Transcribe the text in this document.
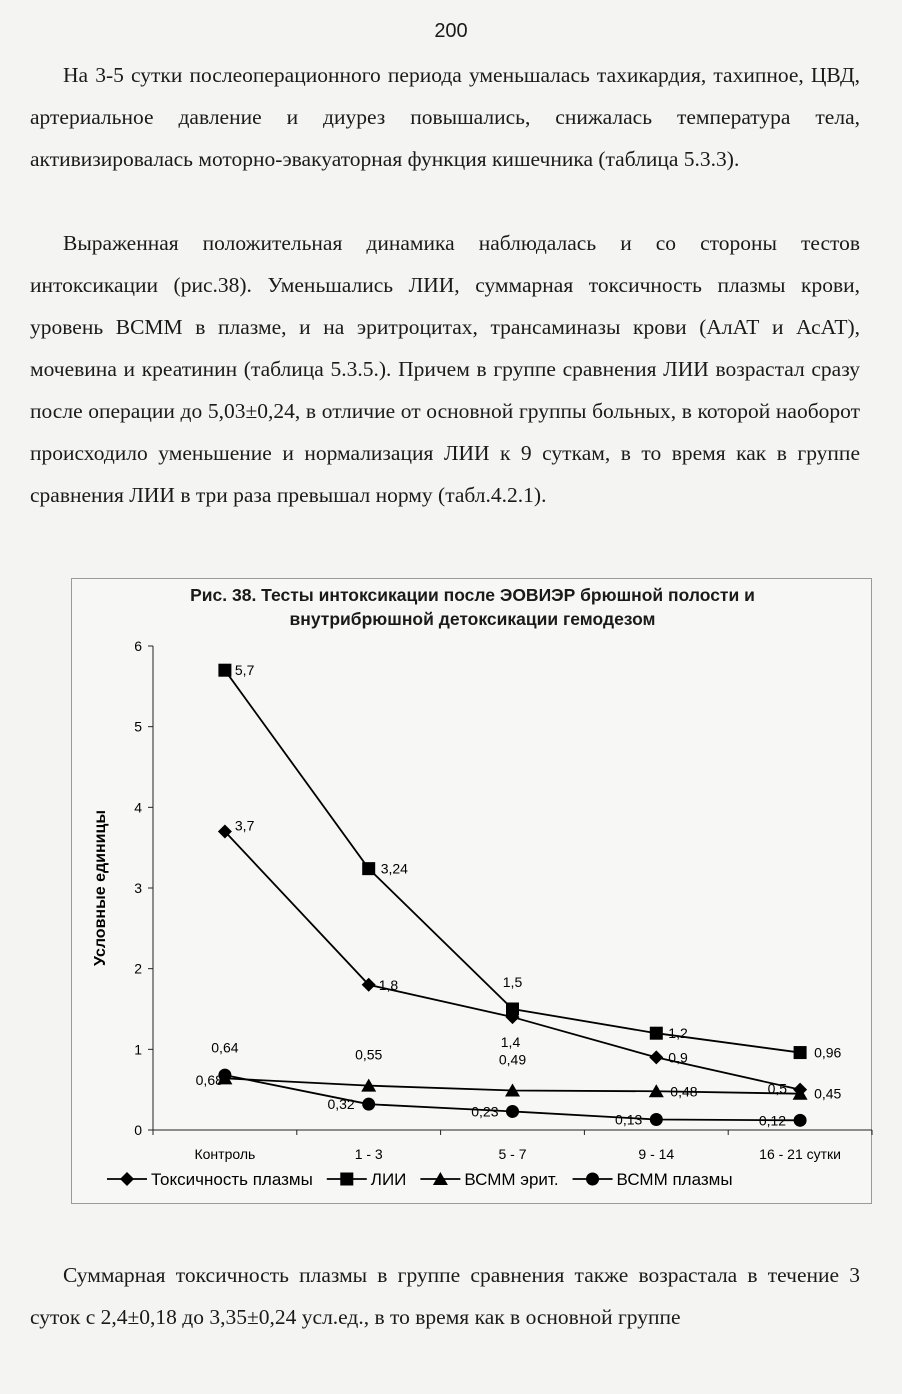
200

На 3-5 сутки послеоперационного периода уменьшалась тахикардия, тахипное, ЦВД, артериальное давление и диурез повышались, снижалась температура тела, активизировалась моторно-эвакуаторная функция кишечника (таблица 5.3.3).

Выраженная положительная динамика наблюдалась и со стороны тестов интоксикации (рис.38). Уменьшались ЛИИ, суммарная токсичность плазмы крови, уровень ВСММ в плазме, и на эритроцитах, трансаминазы крови (АлАТ и АсАТ), мочевина и креатинин (таблица 5.3.5.). Причем в группе сравнения ЛИИ возрастал сразу после операции до 5,03±0,24, в отличие от основной группы больных, в которой наоборот происходило уменьшение и нормализация ЛИИ к 9 суткам, в то время как в группе сравнения ЛИИ в три раза превышал норму (табл.4.2.1).

Рис. 38. Тесты интоксикации после ЭОВИЭР брюшной полости и
внутрибрюшной детоксикации гемодезом
0
1
2
3
4
5
6
Контроль	1 - 3	5 - 7	9 - 14	16 - 21 сутки
Условные единицы	3,7
1,8
1,4
0,9
0,5
5,7
3,24
1,5
1,2
0,96
0,64	0,55	0,49
0,48	0,45
0,68
0,32	0,23
0,13	0,12
Токсичность плазмы	ЛИИ	ВСММ эрит.	ВСММ плазмы

Суммарная токсичность плазмы в группе сравнения также возрастала в течение 3 суток с 2,4±0,18 до 3,35±0,24 усл.ед., в то время как в основной группе
